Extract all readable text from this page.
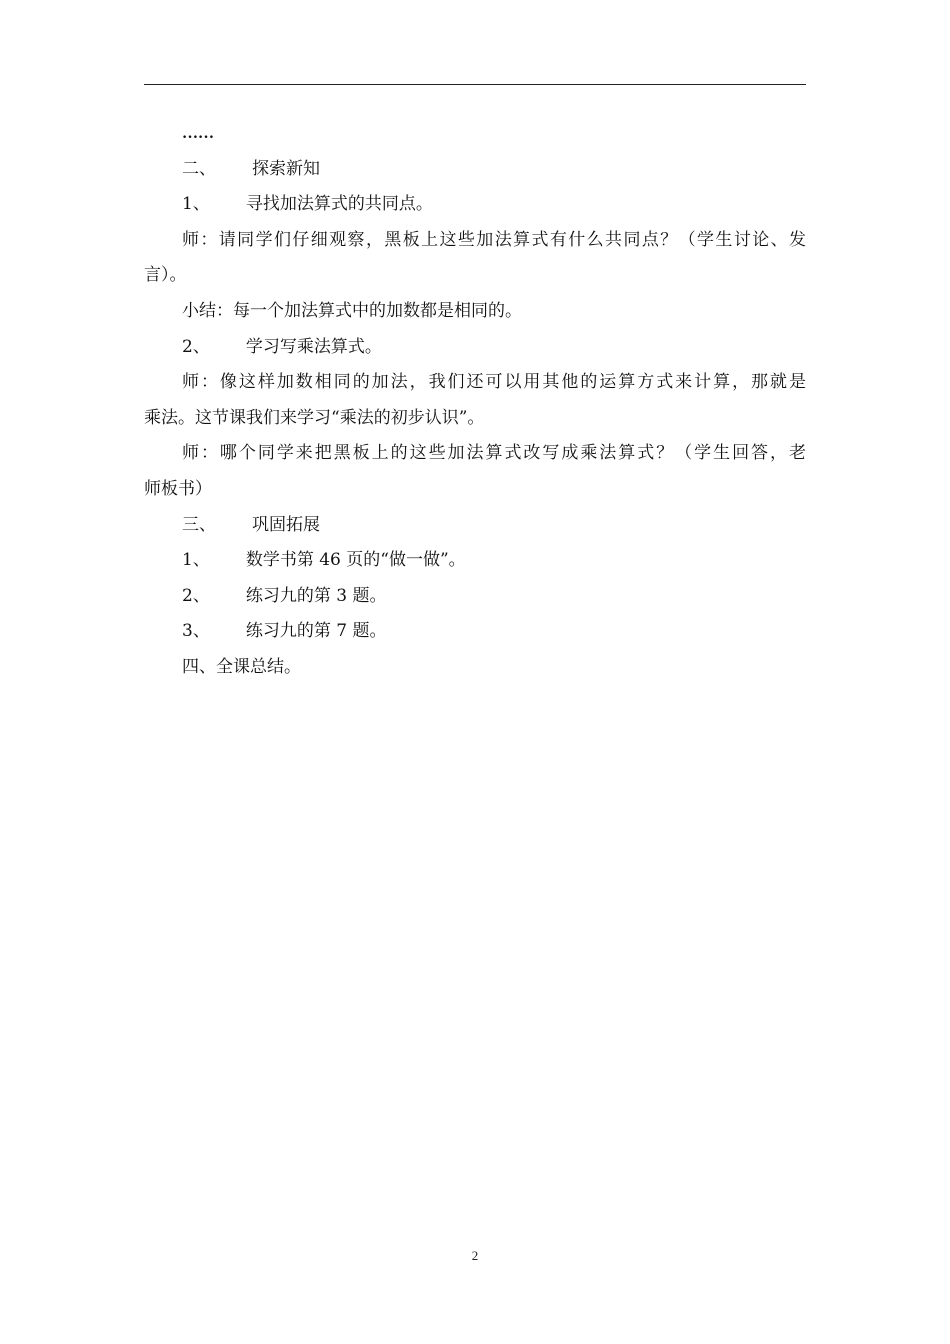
……
二、 探索新知
1、 寻找加法算式的共同点。
师：请同学们仔细观察，黑板上这些加法算式有什么共同点？（学生讨论、发
言）。
小结：每一个加法算式中的加数都是相同的。
2、 学习写乘法算式。
师：像这样加数相同的加法，我们还可以用其他的运算方式来计算，那就是
乘法。这节课我们来学习“乘法的初步认识”。
师：哪个同学来把黑板上的这些加法算式改写成乘法算式？（学生回答，老
师板书）
三、 巩固拓展
1、 数学书第 46 页的“做一做”。
2、 练习九的第 3 题。
3、 练习九的第 7 题。
四、全课总结。
2
